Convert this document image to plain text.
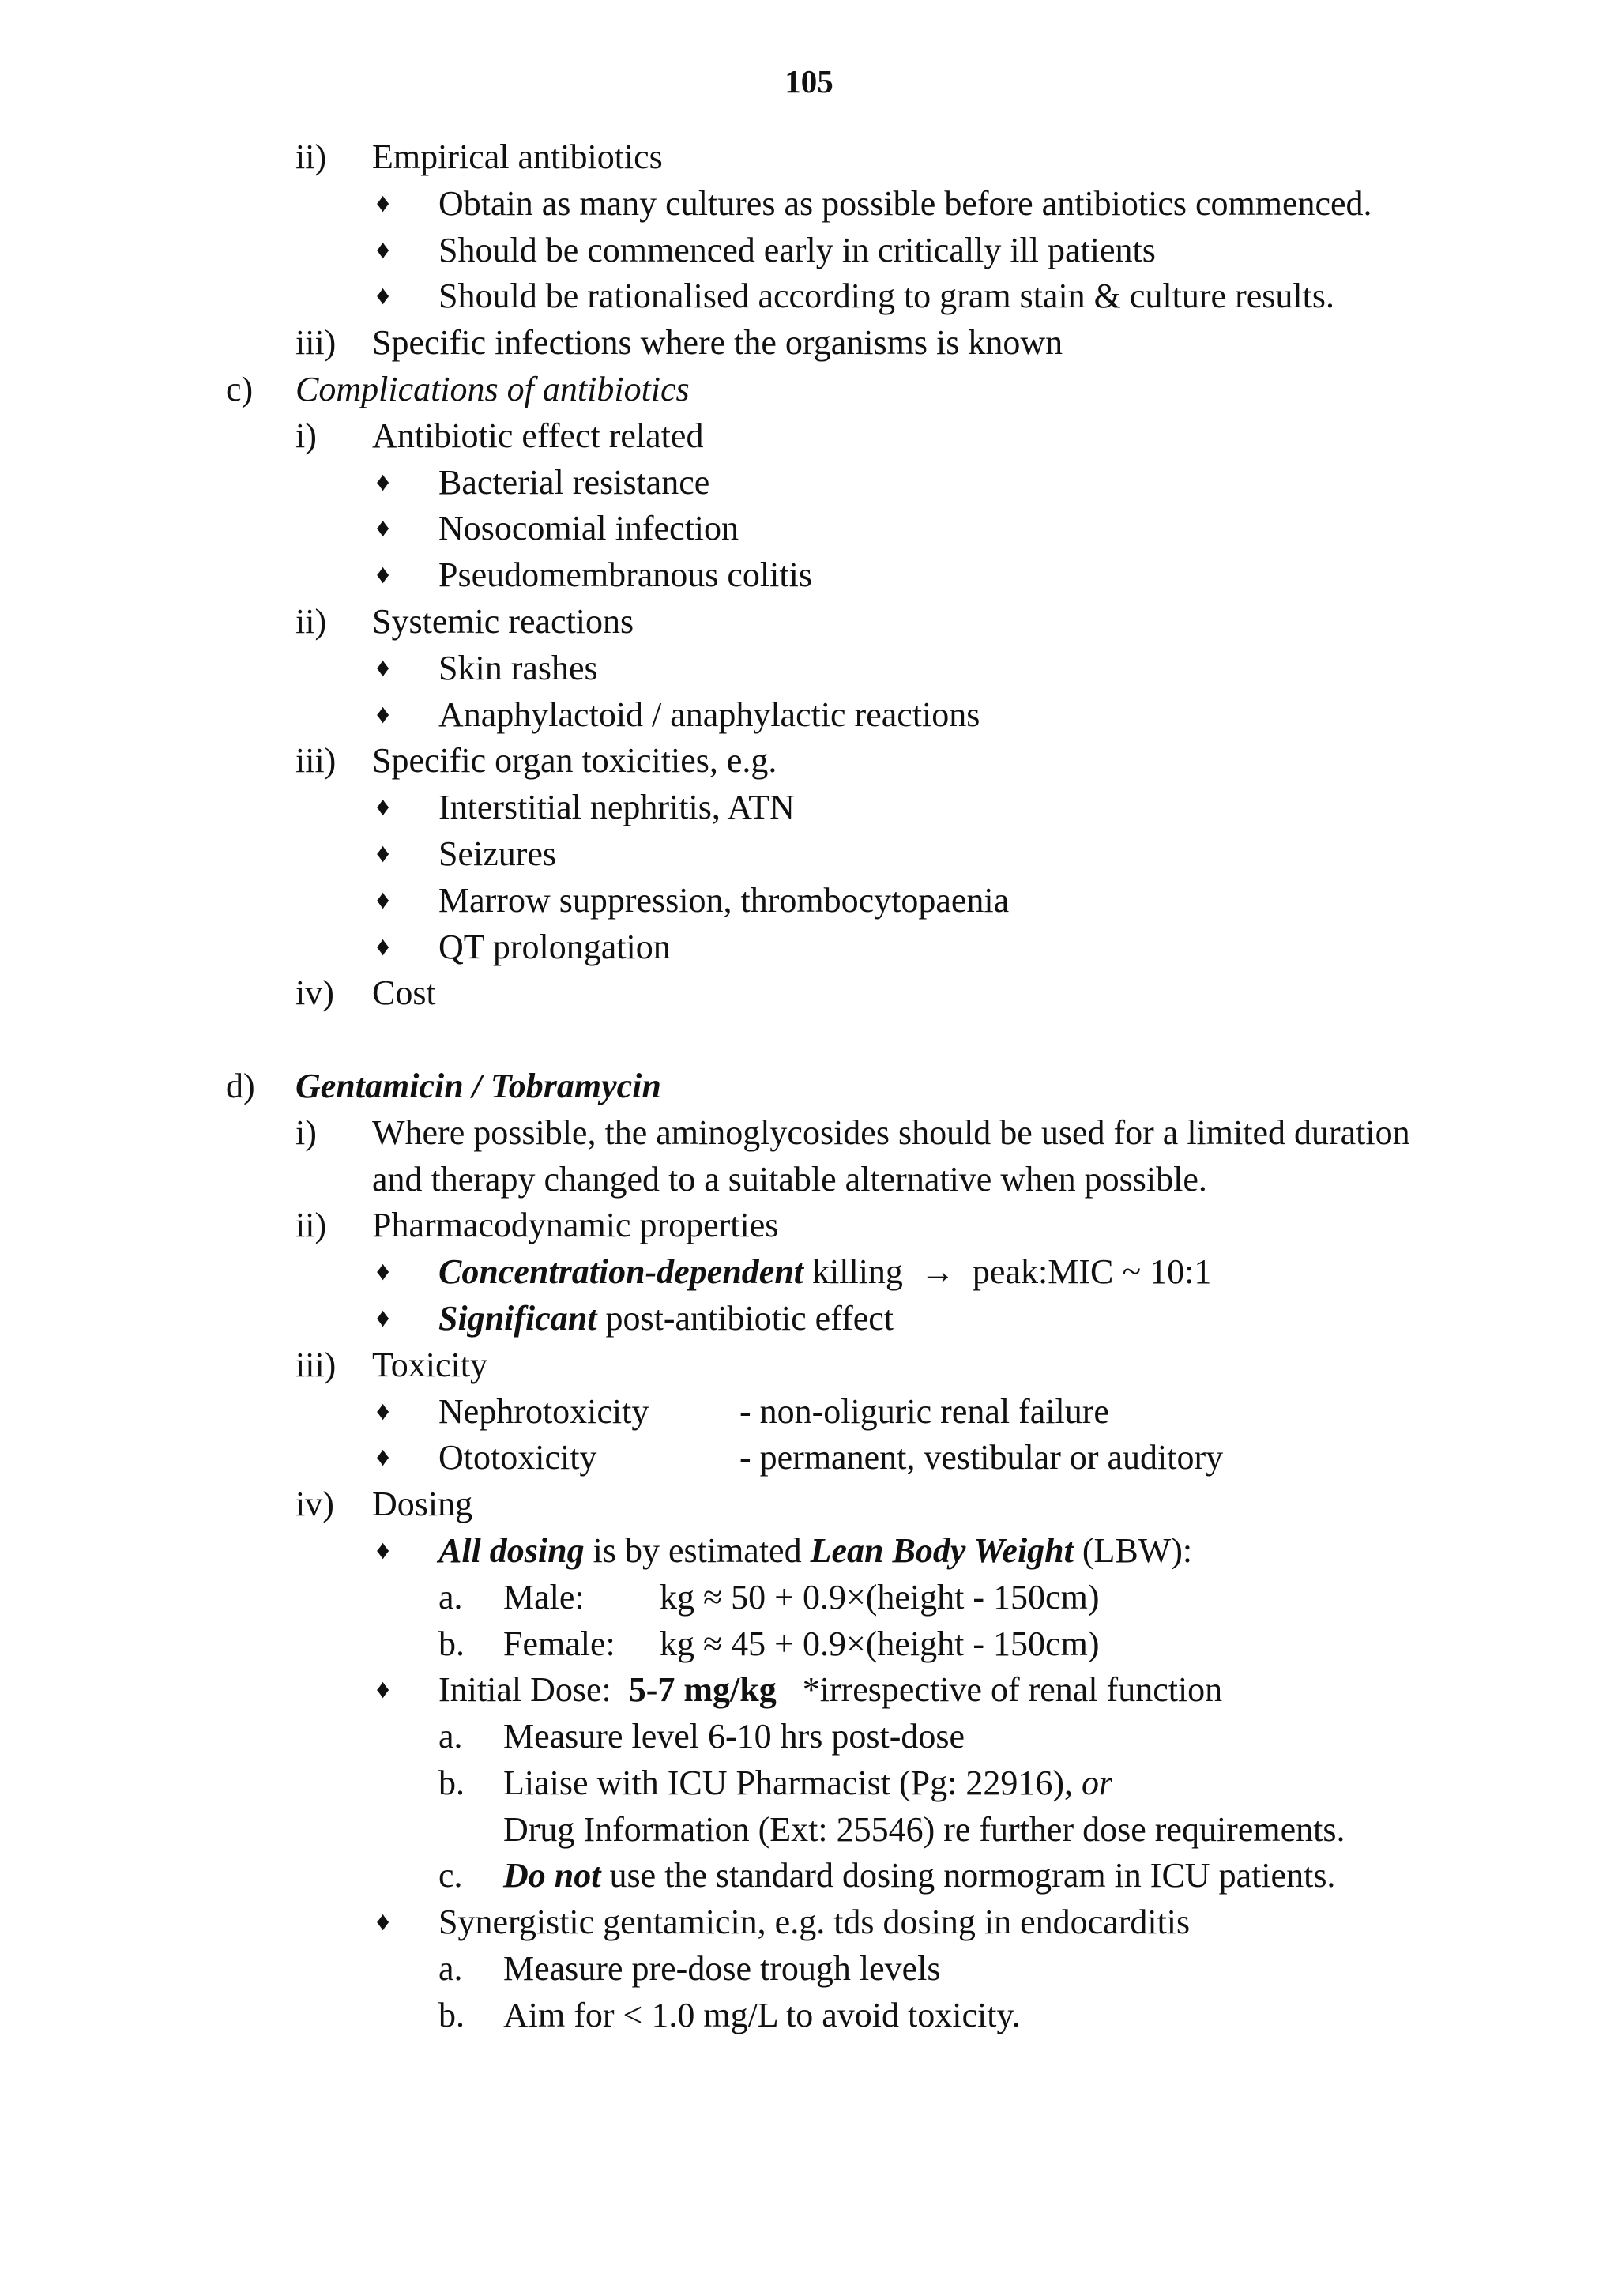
105
ii) Empirical antibiotics
♦ Obtain as many cultures as possible before antibiotics commenced.
♦ Should be commenced early in critically ill patients
♦ Should be rationalised according to gram stain & culture results.
iii) Specific infections where the organisms is known
c) Complications of antibiotics
i) Antibiotic effect related
♦ Bacterial resistance
♦ Nosocomial infection
♦ Pseudomembranous colitis
ii) Systemic reactions
♦ Skin rashes
♦ Anaphylactoid / anaphylactic reactions
iii) Specific organ toxicities, e.g.
♦ Interstitial nephritis, ATN
♦ Seizures
♦ Marrow suppression, thrombocytopaenia
♦ QT prolongation
iv) Cost
d) Gentamicin / Tobramycin
i) Where possible, the aminoglycosides should be used for a limited duration
and therapy changed to a suitable alternative when possible.
ii) Pharmacodynamic properties
♦ Concentration-dependent killing  →  peak:MIC ~ 10:1
♦ Significant post-antibiotic effect
iii) Toxicity
♦ Nephrotoxicity	- non-oliguric renal failure
♦ Ototoxicity	- permanent, vestibular or auditory
iv) Dosing
♦ All dosing is by estimated Lean Body Weight (LBW):
a. Male: kg ≈ 50 + 0.9×(height - 150cm)
b. Female: kg ≈ 45 + 0.9×(height - 150cm)
♦ Initial Dose:  5-7 mg/kg   *irrespective of renal function
a. Measure level 6-10 hrs post-dose
b. Liaise with ICU Pharmacist (Pg: 22916), or
Drug Information (Ext: 25546) re further dose requirements.
c. Do not use the standard dosing normogram in ICU patients.
♦ Synergistic gentamicin, e.g. tds dosing in endocarditis
a. Measure pre-dose trough levels
b. Aim for < 1.0 mg/L to avoid toxicity.
